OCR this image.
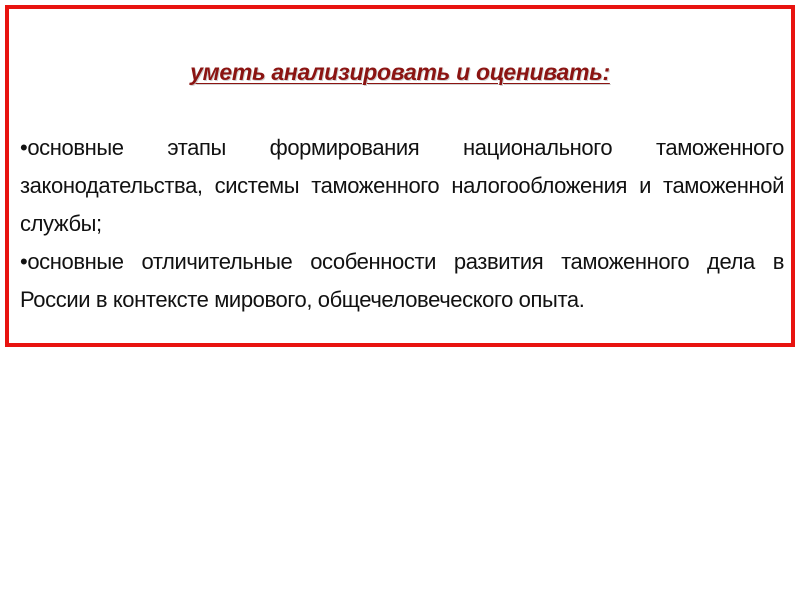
уметь анализировать и оценивать:
•основные этапы формирования национального таможенного законодательства, системы таможенного налогообложения и таможенной службы;
•основные отличительные особенности развития таможенного дела в России в контексте мирового, общечеловеческого опыта.
